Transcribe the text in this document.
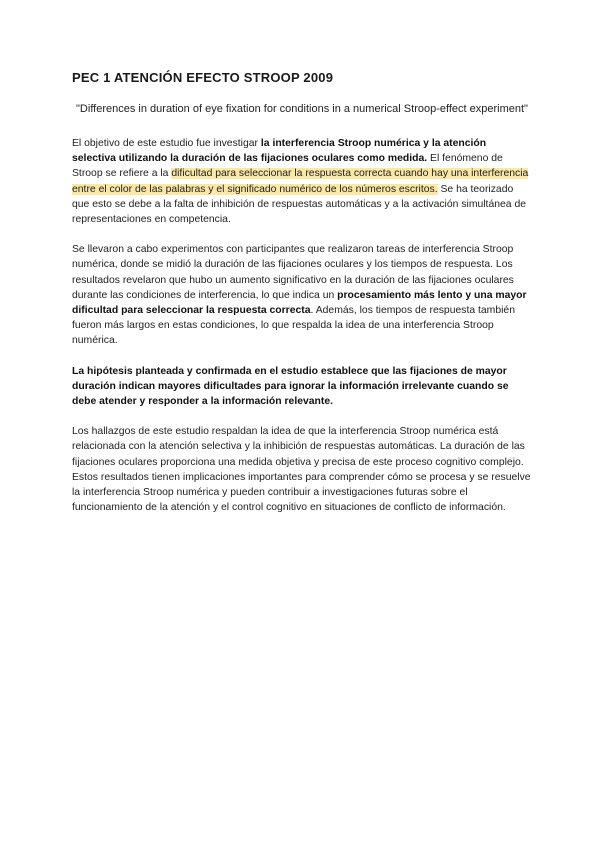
PEC 1 ATENCIÓN EFECTO STROOP 2009
"Differences in duration of eye fixation for conditions in a numerical Stroop-effect experiment"

El objetivo de este estudio fue investigar la interferencia Stroop numérica y la atención selectiva utilizando la duración de las fijaciones oculares como medida. El fenómeno de Stroop se refiere a la dificultad para seleccionar la respuesta correcta cuando hay una interferencia entre el color de las palabras y el significado numérico de los números escritos. Se ha teorizado que esto se debe a la falta de inhibición de respuestas automáticas y a la activación simultánea de representaciones en competencia.

Se llevaron a cabo experimentos con participantes que realizaron tareas de interferencia Stroop numérica, donde se midió la duración de las fijaciones oculares y los tiempos de respuesta. Los resultados revelaron que hubo un aumento significativo en la duración de las fijaciones oculares durante las condiciones de interferencia, lo que indica un procesamiento más lento y una mayor dificultad para seleccionar la respuesta correcta. Además, los tiempos de respuesta también fueron más largos en estas condiciones, lo que respalda la idea de una interferencia Stroop numérica.

La hipótesis planteada y confirmada en el estudio establece que las fijaciones de mayor duración indican mayores dificultades para ignorar la información irrelevante cuando se debe atender y responder a la información relevante.

Los hallazgos de este estudio respaldan la idea de que la interferencia Stroop numérica está relacionada con la atención selectiva y la inhibición de respuestas automáticas. La duración de las fijaciones oculares proporciona una medida objetiva y precisa de este proceso cognitivo complejo. Estos resultados tienen implicaciones importantes para comprender cómo se procesa y se resuelve la interferencia Stroop numérica y pueden contribuir a investigaciones futuras sobre el funcionamiento de la atención y el control cognitivo en situaciones de conflicto de información.
